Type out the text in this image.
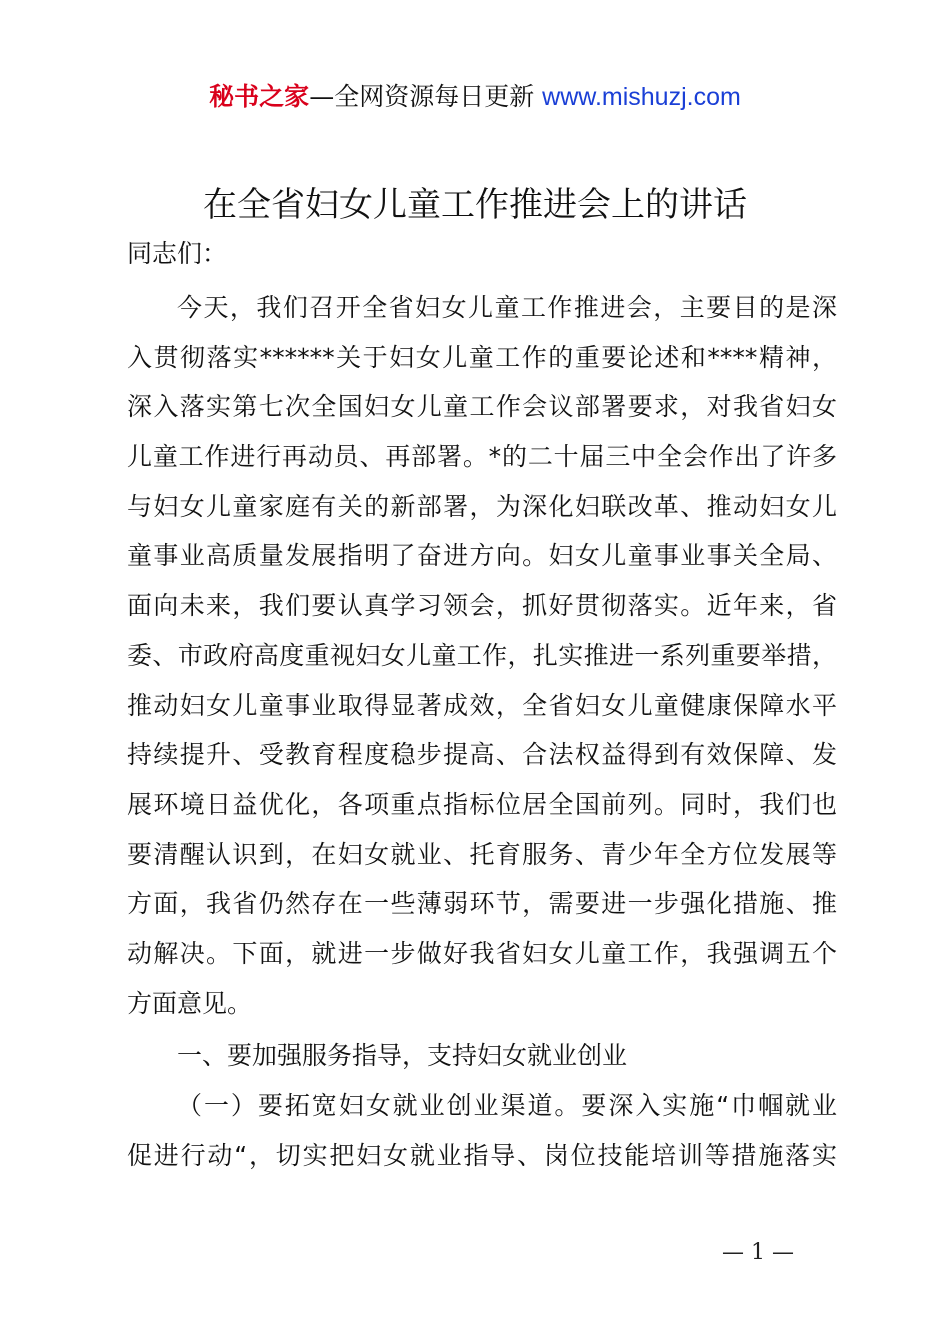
秘书之家—全网资源每日更新 www.mishuzj.com
在全省妇女儿童工作推进会上的讲话
同志们：
今天，我们召开全省妇女儿童工作推进会，主要目的是深
入贯彻落实******关于妇女儿童工作的重要论述和****精神，
深入落实第七次全国妇女儿童工作会议部署要求，对我省妇女
儿童工作进行再动员、再部署。*的二十届三中全会作出了许多
与妇女儿童家庭有关的新部署，为深化妇联改革、推动妇女儿
童事业高质量发展指明了奋进方向。妇女儿童事业事关全局、
面向未来，我们要认真学习领会，抓好贯彻落实。近年来，省
委、市政府高度重视妇女儿童工作，扎实推进一系列重要举措，
推动妇女儿童事业取得显著成效，全省妇女儿童健康保障水平
持续提升、受教育程度稳步提高、合法权益得到有效保障、发
展环境日益优化，各项重点指标位居全国前列。同时，我们也
要清醒认识到，在妇女就业、托育服务、青少年全方位发展等
方面，我省仍然存在一些薄弱环节，需要进一步强化措施、推
动解决。下面，就进一步做好我省妇女儿童工作，我强调五个
方面意见。
一、要加强服务指导，支持妇女就业创业
（一）要拓宽妇女就业创业渠道。要深入实施“巾帼就业
促进行动“，切实把妇女就业指导、岗位技能培训等措施落实
— 1 —
